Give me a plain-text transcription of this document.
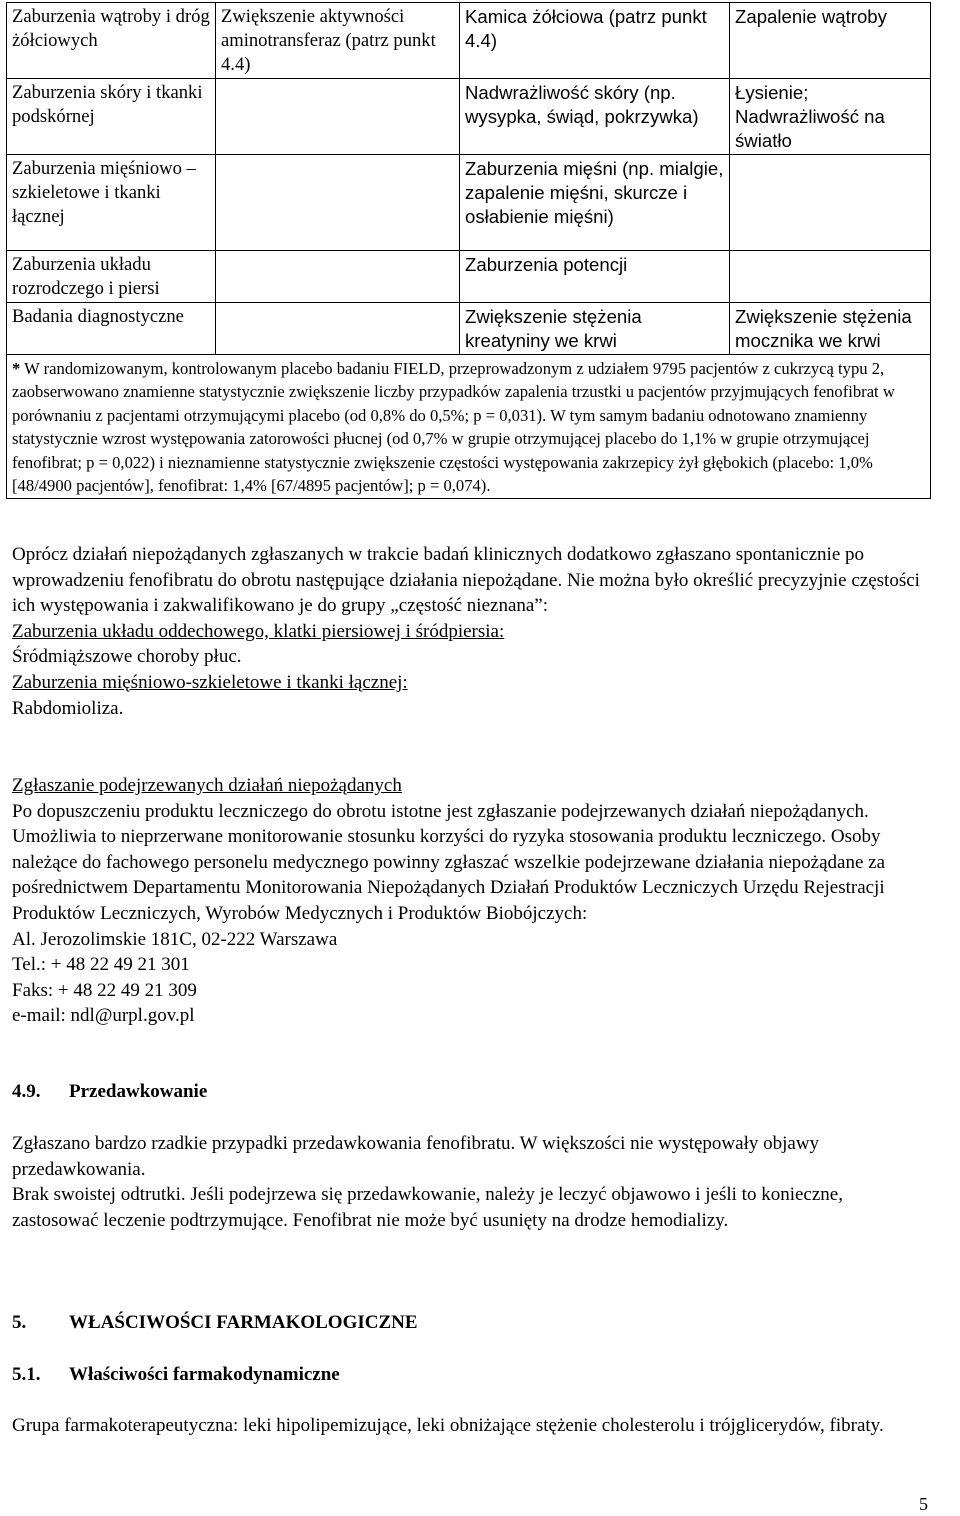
Zaburzenia wątroby i dróg żółciowych	Zwiększenie aktywności aminotransferaz (patrz punkt 4.4)	Kamica żółciowa (patrz punkt 4.4)	Zapalenie wątroby
Zaburzenia skóry i tkanki podskórnej		Nadwrażliwość skóry (np. wysypka, świąd, pokrzywka)	Łysienie; Nadwrażliwość na światło
Zaburzenia mięśniowo – szkieletowe i tkanki łącznej		Zaburzenia mięśni (np. mialgie, zapalenie mięśni, skurcze i osłabienie mięśni)	
Zaburzenia układu rozrodczego i piersi		Zaburzenia potencji	
Badania diagnostyczne		Zwiększenie stężenia kreatyniny we krwi	Zwiększenie stężenia mocznika we krwi
* W randomizowanym, kontrolowanym placebo badaniu FIELD, przeprowadzonym z udziałem 9795 pacjentów z cukrzycą typu 2, zaobserwowano znamienne statystycznie zwiększenie liczby przypadków zapalenia trzustki u pacjentów przyjmujących fenofibrat w porównaniu z pacjentami otrzymującymi placebo (od 0,8% do 0,5%; p = 0,031). W tym samym badaniu odnotowano znamienny statystycznie wzrost występowania zatorowości płucnej (od 0,7% w grupie otrzymującej placebo do 1,1% w grupie otrzymującej fenofibrat; p = 0,022) i nieznamienne statystycznie zwiększenie częstości występowania zakrzepicy żył głębokich (placebo: 1,0% [48/4900 pacjentów], fenofibrat: 1,4% [67/4895 pacjentów]; p = 0,074).			

Oprócz działań niepożądanych zgłaszanych w trakcie badań klinicznych dodatkowo zgłaszano spontanicznie po wprowadzeniu fenofibratu do obrotu następujące działania niepożądane. Nie można było określić precyzyjnie częstości ich występowania i zakwalifikowano je do grupy „częstość nieznana”:

Zaburzenia układu oddechowego, klatki piersiowej i śródpiersia:

Śródmiąższowe choroby płuc.

Zaburzenia mięśniowo-szkieletowe i tkanki łącznej:

Rabdomioliza.

Zgłaszanie podejrzewanych działań niepożądanych

Po dopuszczeniu produktu leczniczego do obrotu istotne jest zgłaszanie podejrzewanych działań niepożądanych. Umożliwia to nieprzerwane monitorowanie stosunku korzyści do ryzyka stosowania produktu leczniczego. Osoby należące do fachowego personelu medycznego powinny zgłaszać wszelkie podejrzewane działania niepożądane za pośrednictwem Departamentu Monitorowania Niepożądanych Działań Produktów Leczniczych Urzędu Rejestracji Produktów Leczniczych, Wyrobów Medycznych i Produktów Biobójczych:

Al. Jerozolimskie 181C, 02-222 Warszawa

Tel.: + 48 22 49 21 301

Faks: + 48 22 49 21 309

e-mail: ndl@urpl.gov.pl

4.9. Przedawkowanie

Zgłaszano bardzo rzadkie przypadki przedawkowania fenofibratu. W większości nie występowały objawy przedawkowania.

Brak swoistej odtrutki. Jeśli podejrzewa się przedawkowanie, należy je leczyć objawowo i jeśli to konieczne, zastosować leczenie podtrzymujące. Fenofibrat nie może być usunięty na drodze hemodializy.

5. WŁAŚCIWOŚCI FARMAKOLOGICZNE
5.1. Właściwości farmakodynamiczne

Grupa farmakoterapeutyczna: leki hipolipemizujące, leki obniżające stężenie cholesterolu i trójglicerydów, fibraty.

5
